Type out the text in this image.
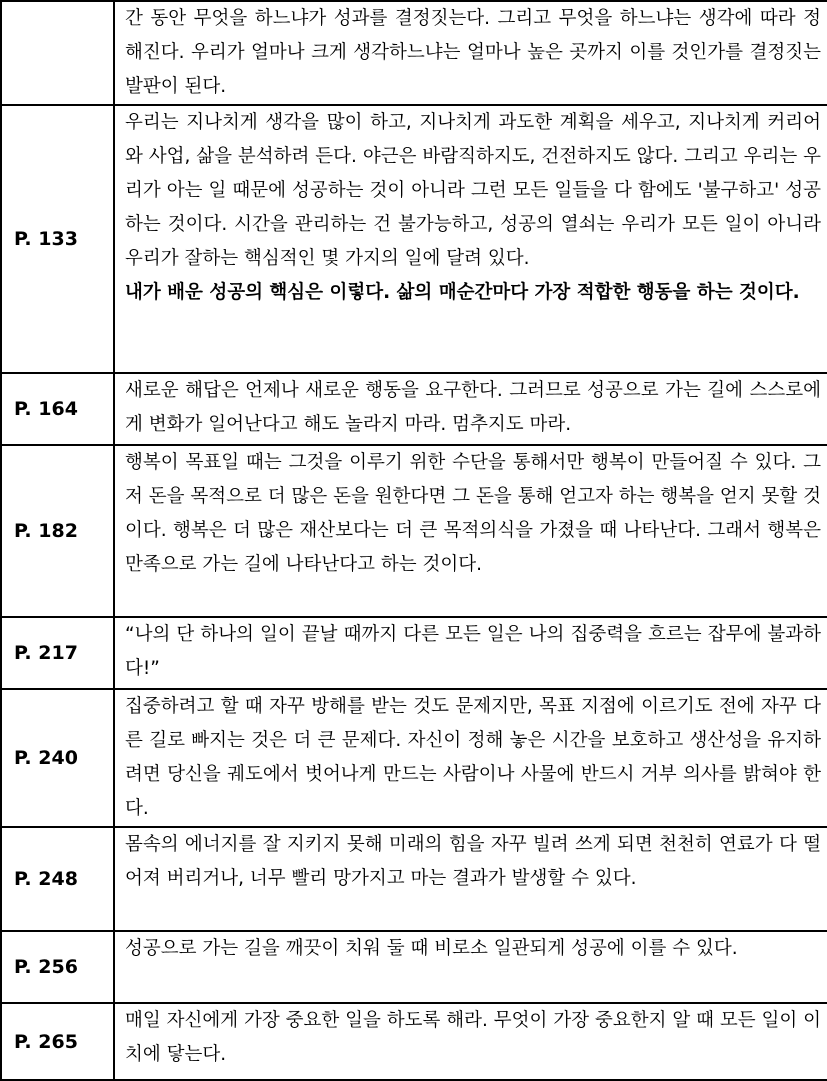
	간 동안 무엇을 하느냐가 성과를 결정짓는다. 그리고 무엇을 하느냐는 생각에 따라 정해진다. 우리가 얼마나 크게 생각하느냐는 얼마나 높은 곳까지 이를 것인가를 결정짓는 발판이 된다.

P. 133	우리는 지나치게 생각을 많이 하고, 지나치게 과도한 계획을 세우고, 지나치게 커리어와 사업, 삶을 분석하려 든다. 야근은 바람직하지도, 건전하지도 않다. 그리고 우리는 우리가 아는 일 때문에 성공하는 것이 아니라 그런 모든 일들을 다 함에도 '불구하고' 성공하는 것이다. 시간을 관리하는 건 불가능하고, 성공의 열쇠는 우리가 모든 일이 아니라 우리가 잘하는 핵심적인 몇 가지의 일에 달려 있다.

내가 배운 성공의 핵심은 이렇다. 삶의 매순간마다 가장 적합한 행동을 하는 것이다.

P. 164	새로운 해답은 언제나 새로운 행동을 요구한다. 그러므로 성공으로 가는 길에 스스로에게 변화가 일어난다고 해도 놀라지 마라. 멈추지도 마라.

P. 182	행복이 목표일 때는 그것을 이루기 위한 수단을 통해서만 행복이 만들어질 수 있다. 그저 돈을 목적으로 더 많은 돈을 원한다면 그 돈을 통해 얻고자 하는 행복을 얻지 못할 것이다. 행복은 더 많은 재산보다는 더 큰 목적의식을 가졌을 때 나타난다. 그래서 행복은 만족으로 가는 길에 나타난다고 하는 것이다.

P. 217	“나의 단 하나의 일이 끝날 때까지 다른 모든 일은 나의 집중력을 흐르는 잡무에 불과하다!”

P. 240	집중하려고 할 때 자꾸 방해를 받는 것도 문제지만, 목표 지점에 이르기도 전에 자꾸 다른 길로 빠지는 것은 더 큰 문제다. 자신이 정해 놓은 시간을 보호하고 생산성을 유지하려면 당신을 궤도에서 벗어나게 만드는 사람이나 사물에 반드시 거부 의사를 밝혀야 한다.

P. 248	몸속의 에너지를 잘 지키지 못해 미래의 힘을 자꾸 빌려 쓰게 되면 천천히 연료가 다 떨어져 버리거나, 너무 빨리 망가지고 마는 결과가 발생할 수 있다.

P. 256	성공으로 가는 길을 깨끗이 치워 둘 때 비로소 일관되게 성공에 이를 수 있다.

P. 265	매일 자신에게 가장 중요한 일을 하도록 해라. 무엇이 가장 중요한지 알 때 모든 일이 이치에 닿는다.
